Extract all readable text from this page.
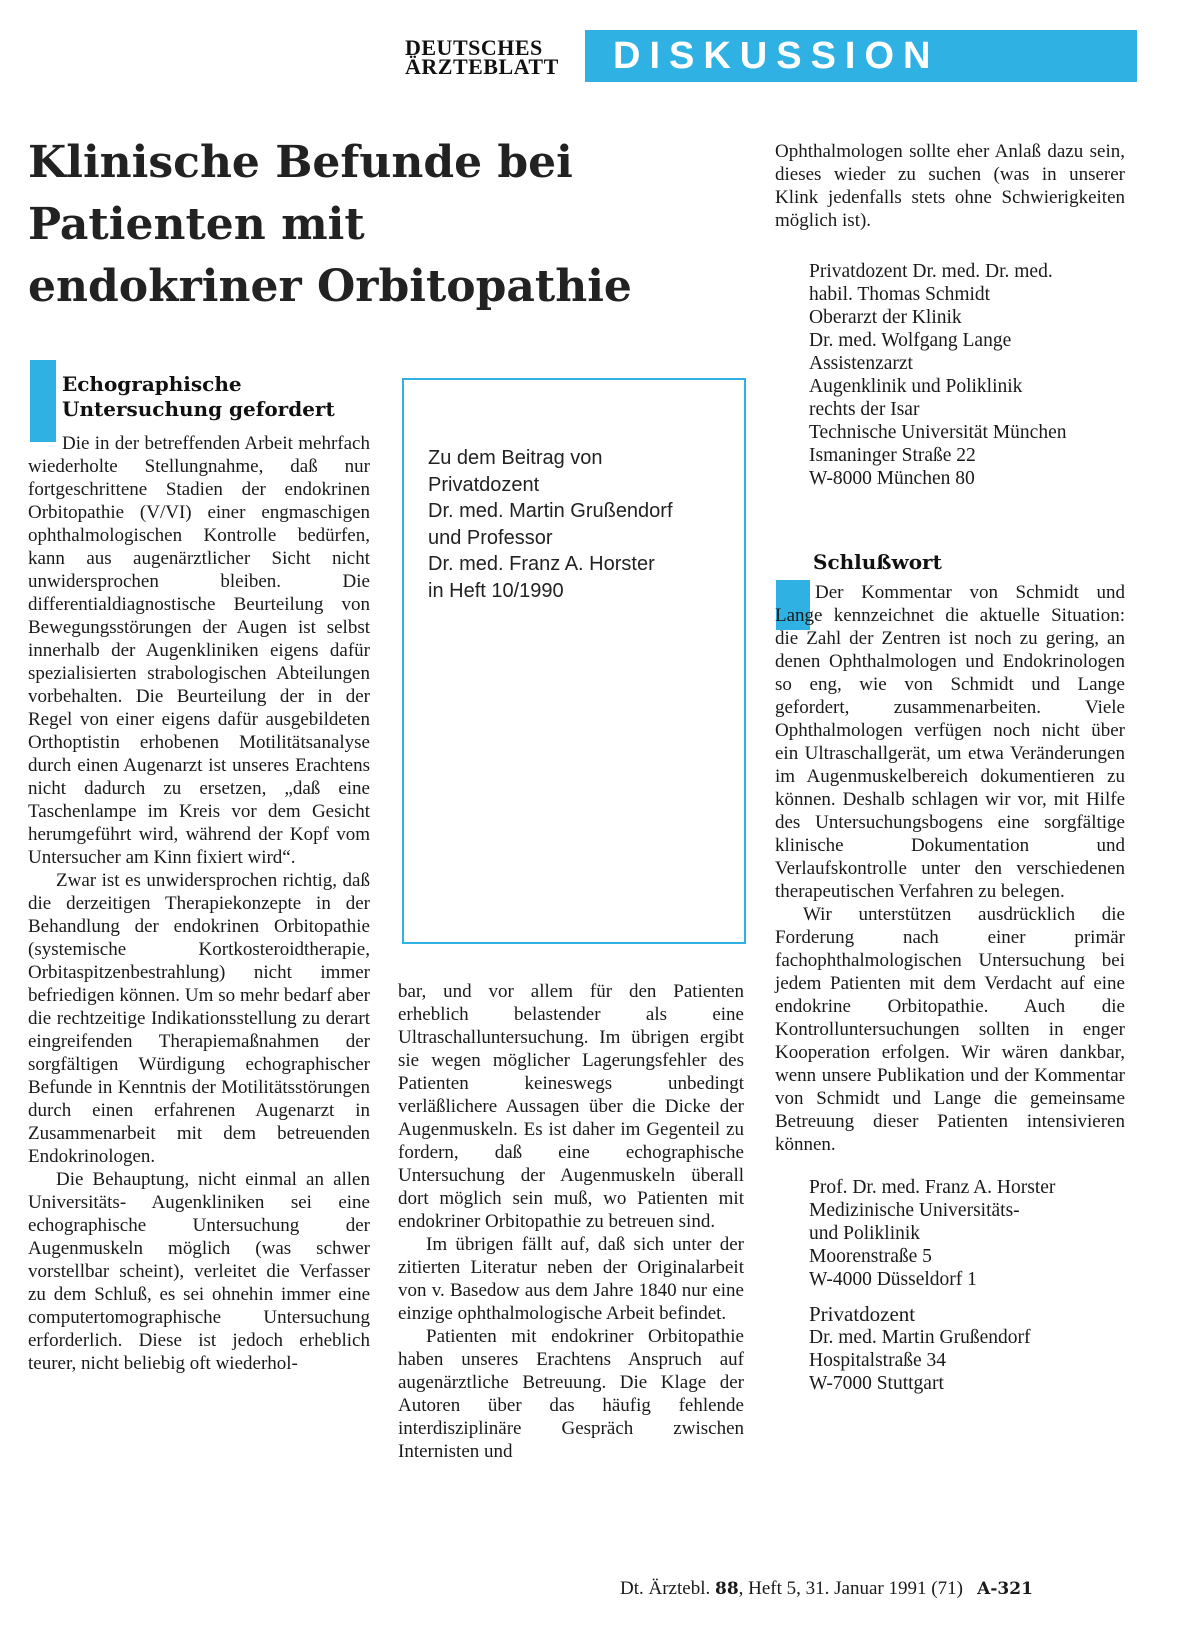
DEUTSCHES
ÄRZTEBLATT	DISKUSSION
Klinische Befunde bei
Patienten mit
endokriner Orbitopathie
Echographische Untersuchung gefordert

Die in der betreffenden Arbeit mehrfach wiederholte Stellungnahme, daß nur fortgeschrittene Stadien der endokrinen Orbitopathie (V/VI) einer engmaschigen ophthalmologischen Kontrolle bedürfen, kann aus augenärztlicher Sicht nicht unwidersprochen bleiben. Die differentialdiagnostische Beurteilung von Bewegungsstörungen der Augen ist selbst innerhalb der Augenkliniken eigens dafür spezialisierten strabologischen Abteilungen vorbehalten. Die Beurteilung der in der Regel von einer eigens dafür ausgebildeten Orthoptistin erhobenen Motilitätsanalyse durch einen Augenarzt ist unseres Erachtens nicht dadurch zu ersetzen, „daß eine Taschenlampe im Kreis vor dem Gesicht herumgeführt wird, während der Kopf vom Untersucher am Kinn fixiert wird“.

Zwar ist es unwidersprochen richtig, daß die derzeitigen Therapiekonzepte in der Behandlung der endokrinen Orbitopathie (systemische Kortkosteroidtherapie, Orbitaspitzenbestrahlung) nicht immer befriedigen können. Um so mehr bedarf aber die rechtzeitige Indikationsstellung zu derart eingreifenden Therapiemaßnahmen der sorgfältigen Würdigung echographischer Befunde in Kenntnis der Motilitätsstörungen durch einen erfahrenen Augenarzt in Zusammenarbeit mit dem betreuenden Endokrinologen.

Die Behauptung, nicht einmal an allen Universitäts- Augenkliniken sei eine echographische Untersuchung der Augenmuskeln möglich (was schwer vorstellbar scheint), verleitet die Verfasser zu dem Schluß, es sei ohnehin immer eine computertomographische Untersuchung erforderlich. Diese ist jedoch erheblich teurer, nicht beliebig oft wiederhol-

Zu dem Beitrag von
Privatdozent
Dr. med. Martin Grußendorf
und Professor
Dr. med. Franz A. Horster
in Heft 10/1990

bar, und vor allem für den Patienten erheblich belastender als eine Ultraschalluntersuchung. Im übrigen ergibt sie wegen möglicher Lagerungsfehler des Patienten keineswegs unbedingt verläßlichere Aussagen über die Dicke der Augenmuskeln. Es ist daher im Gegenteil zu fordern, daß eine echographische Untersuchung der Augenmuskeln überall dort möglich sein muß, wo Patienten mit endokriner Orbitopathie zu betreuen sind.

Im übrigen fällt auf, daß sich unter der zitierten Literatur neben der Originalarbeit von v. Basedow aus dem Jahre 1840 nur eine einzige ophthalmologische Arbeit befindet.

Patienten mit endokriner Orbitopathie haben unseres Erachtens Anspruch auf augenärztliche Betreuung. Die Klage der Autoren über das häufig fehlende interdisziplinäre Gespräch zwischen Internisten und

Ophthalmologen sollte eher Anlaß dazu sein, dieses wieder zu suchen (was in unserer Klink jedenfalls stets ohne Schwierigkeiten möglich ist).

Privatdozent Dr. med. Dr. med.
habil. Thomas Schmidt
Oberarzt der Klinik
Dr. med. Wolfgang Lange
Assistenzarzt
Augenklinik und Poliklinik
rechts der Isar
Technische Universität München
Ismaninger Straße 22
W-8000 München 80
Schlußwort

Der Kommentar von Schmidt und Lange kennzeichnet die aktuelle Situation: die Zahl der Zentren ist noch zu gering, an denen Ophthalmologen und Endokrinologen so eng, wie von Schmidt und Lange gefordert, zusammenarbeiten. Viele Ophthalmologen verfügen noch nicht über ein Ultraschallgerät, um etwa Veränderungen im Augenmuskelbereich dokumentieren zu können. Deshalb schlagen wir vor, mit Hilfe des Untersuchungsbogens eine sorgfältige klinische Dokumentation und Verlaufskontrolle unter den verschiedenen therapeutischen Verfahren zu belegen.

Wir unterstützen ausdrücklich die Forderung nach einer primär fachophthalmologischen Untersuchung bei jedem Patienten mit dem Verdacht auf eine endokrine Orbitopathie. Auch die Kontrolluntersuchungen sollten in enger Kooperation erfolgen. Wir wären dankbar, wenn unsere Publikation und der Kommentar von Schmidt und Lange die gemeinsame Betreuung dieser Patienten intensivieren können.

Prof. Dr. med. Franz A. Horster
Medizinische Universitäts-
und Poliklinik
Moorenstraße 5
W-4000 Düsseldorf 1
Privatdozent
Dr. med. Martin Grußendorf
Hospitalstraße 34
W-7000 Stuttgart
Dt. Ärztebl. 88, Heft 5, 31. Januar 1991 (71) A-321
